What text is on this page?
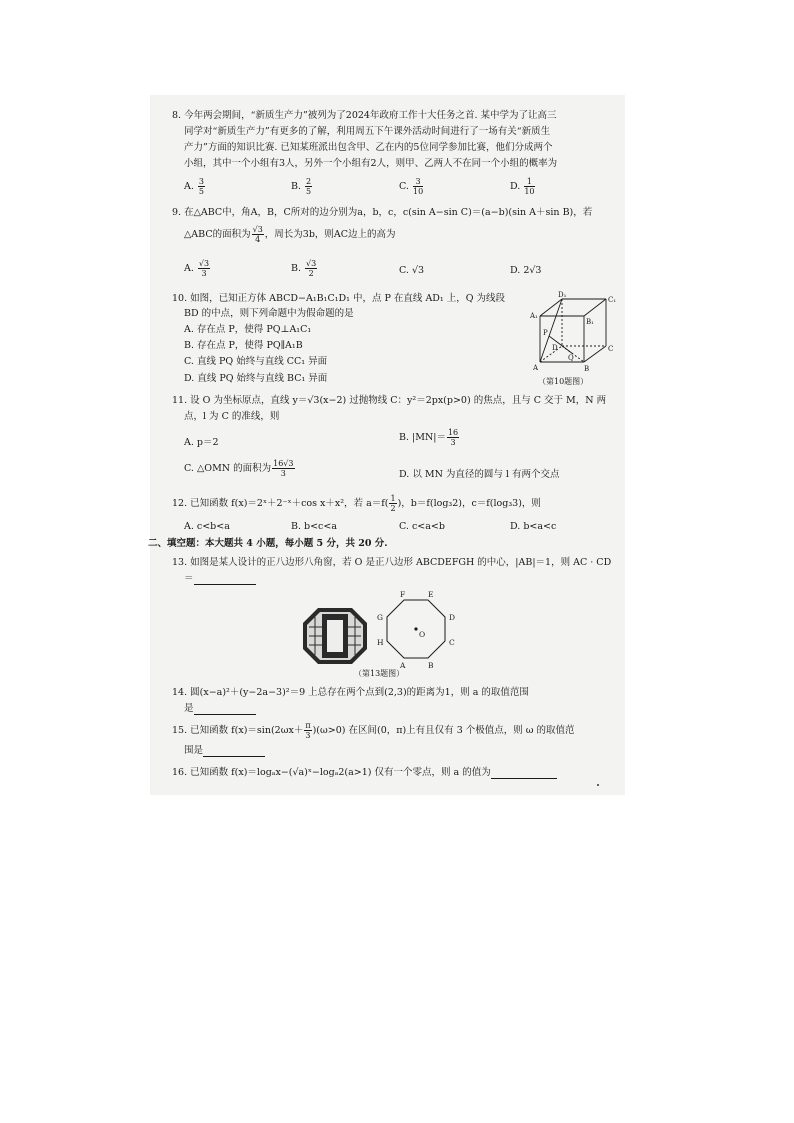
8. 今年两会期间，“新质生产力”被列为了2024年政府工作十大任务之首. 某中学为了让高三
同学对“新质生产力”有更多的了解，利用周五下午课外活动时间进行了一场有关“新质生
产力”方面的知识比赛. 已知某班派出包含甲、乙在内的5位同学参加比赛，他们分成两个
小组，其中一个小组有3人，另外一个小组有2人，则甲、乙两人不在同一个小组的概率为
A. $\frac{3}{5}$	B. $\frac{2}{5}$	C. $\frac{3}{10}$	D. $\frac{1}{10}$
9. 在△ABC中，角A，B，C所对的边分别为a，b，c，c(sin A−sin C)＝(a−b)(sin A＋sin B)，若
△ABC的面积为 $\frac{√3}{4}$ ，周长为3b，则AC边上的高为
A. $\frac{√3}{3}$	B. $\frac{√3}{2}$	C. √3	D. 2√3
10. 如图，已知正方体 ABCD−A₁B₁C₁D₁ 中，点 P 在直线 AD₁ 上，Q 为线段
BD 的中点，则下列命题中为假命题的是
A. 存在点 P，使得 PQ⊥A₁C₁
B. 存在点 P，使得 PQ∥A₁B
C. 直线 PQ 始终与直线 CC₁ 异面
D. 直线 PQ 始终与直线 BC₁ 异面
D₁
C₁
A₁
B₁
P
D	C
Q
A	B
（第10题图）
11. 设 O 为坐标原点，直线 y＝√3(x−2) 过抛物线 C：y²＝2px(p>0) 的焦点，且与 C 交于 M，N 两
点，l 为 C 的准线，则
A. p＝2	B. $|MN|= \frac{16}{3}$
C. △OMN 的面积为 $\frac{16√3}{3}$	D. 以 MN 为直径的圆与 l 有两个交点
12. 已知函数 f(x)＝2ˣ＋2⁻ˣ＋cos x＋x²，若 $a=f( \frac{1}{2}$ )，b＝f(log₃2)，c＝f(log₃3)，则
A. c<b<a	B. b<c<a	C. c<a<b	D. b<a<c
二、填空题：本大题共 4 小题，每小题 5 分，共 20 分.
13. 如图是某人设计的正八边形八角窗，若 O 是正八边形 ABCDEFGH 的中心，|AB|＝1，则 AC · CD
＝
F	E
G	D
H
O
C
A	B
（第13题图）
14. 圆(x−a)²＋(y−2a−3)²＝9 上总存在两个点到(2,3)的距离为1，则 a 的取值范围
是
15. 已知函数 $f(x)=\sin(2\omega x+ \frac{\pi}{3} )(\omega>0)$ 在区间(0，π)上有且仅有 3 个极值点，则 ω 的取值范
围是
16. 已知函数 f(x)＝logₐx−(√a)ˣ−logₐ2(a>1) 仅有一个零点，则 a 的值为
